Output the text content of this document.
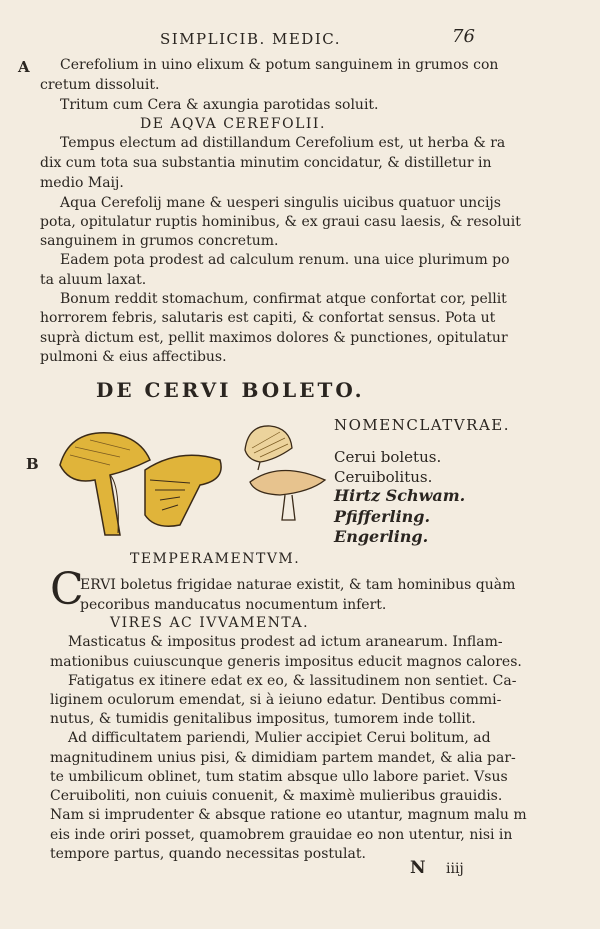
SIMPLICIB. MEDIC.	76
A Cerefolium in uino elixum & potum sanguinem in grumos con
cretum dissoluit.
Tritum cum Cera & axungia parotidas soluit.
DE AQVA CEREFOLII.
Tempus electum ad distillandum Cerefolium est, ut herba & ra
dix cum tota sua substantia minutim concidatur, & distilletur in
medio Maij.
Aqua Cerefolij mane & uesperi singulis uicibus quatuor uncijs
pota, opitulatur ruptis hominibus, & ex graui casu laesis, & resoluit
sanguinem in grumos concretum.
Eadem pota prodest ad calculum renum. una uice plurimum po
ta aluum laxat.
Bonum reddit stomachum, confirmat atque confortat cor, pellit
horrorem febris, salutaris est capiti, & confortat sensus. Pota ut
suprà dictum est, pellit maximos dolores & punctiones, opitulatur
pulmoni & eius affectibus.
DE CERVI BOLETO.
B
NOMENCLATVRAE.
Cerui boletus.
Ceruibolitus.
Hirtz Schwam.
Pfifferling.
Engerling.
TEMPERAMENTVM.
C
ERVI boletus frigidae naturae existit, & tam hominibus quàm
pecoribus manducatus nocumentum infert.
VIRES AC IVVAMENTA.
Masticatus & impositus prodest ad ictum aranearum. Inflam-
mationibus cuiuscunque generis impositus educit magnos calores.
Fatigatus ex itinere edat ex eo, & lassitudinem non sentiet. Ca-
liginem oculorum emendat, si à ieiuno edatur. Dentibus commi-
nutus, & tumidis genitalibus impositus, tumorem inde tollit.
Ad difficultatem pariendi, Mulier accipiet Cerui bolitum, ad
magnitudinem unius pisi, & dimidiam partem mandet, & alia par-
te umbilicum oblinet, tum statim absque ullo labore pariet. Vsus
Ceruiboliti, non cuiuis conuenit, & maximè mulieribus grauidis.
Nam si imprudenter & absque ratione eo utantur, magnum malu m
eis inde oriri posset, quamobrem grauidae eo non utentur, nisi in
tempore partus, quando necessitas postulat.
N iiij
